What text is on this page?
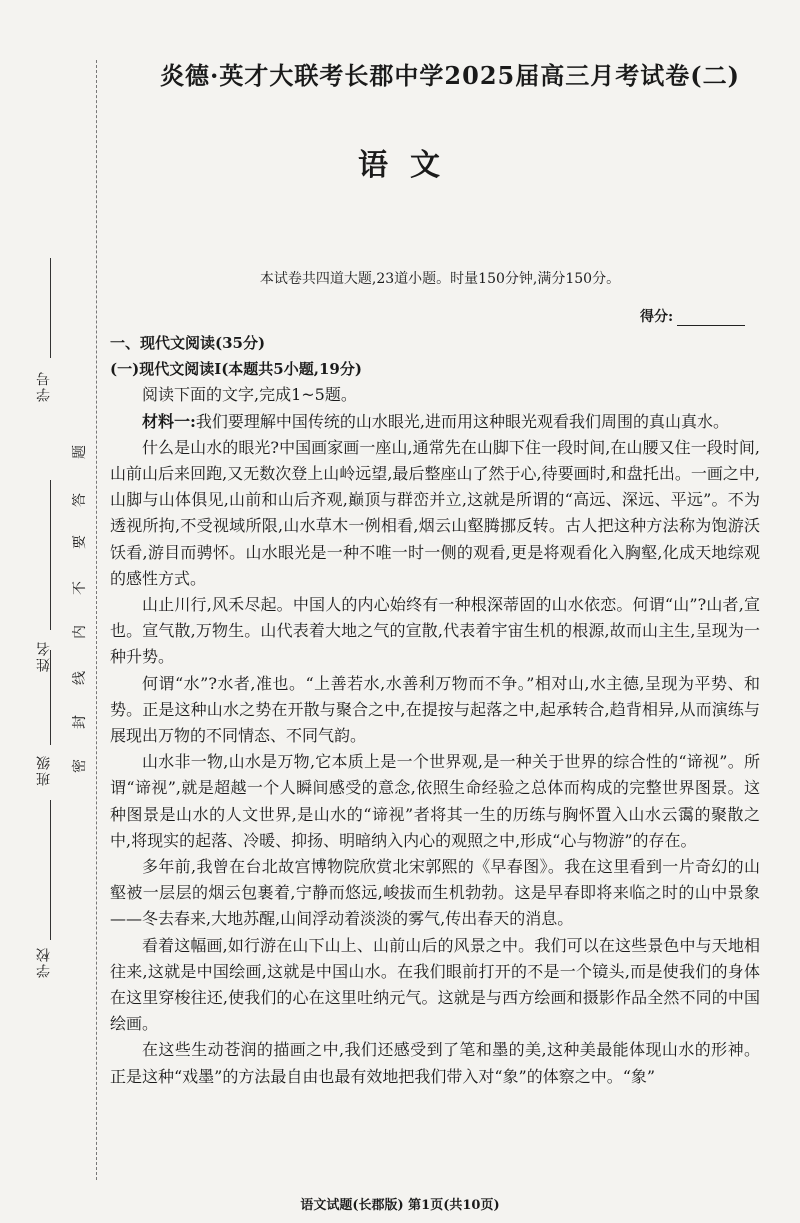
学号
姓名
班级
学校
题
答
要
不
内
线
封
密
炎德·英才大联考长郡中学2025届高三月考试卷(二)
语文
本试卷共四道大题,23道小题。时量150分钟,满分150分。
得分:
一、现代文阅读(35分)
(一)现代文阅读Ⅰ(本题共5小题,19分)

阅读下面的文字,完成1~5题。

材料一:我们要理解中国传统的山水眼光,进而用这种眼光观看我们周围的真山真水。

什么是山水的眼光?中国画家画一座山,通常先在山脚下住一段时间,在山腰又住一段时间,山前山后来回跑,又无数次登上山岭远望,最后整座山了然于心,待要画时,和盘托出。一画之中,山脚与山体俱见,山前和山后齐观,巅顶与群峦并立,这就是所谓的“高远、深远、平远”。不为透视所拘,不受视域所限,山水草木一例相看,烟云山壑腾挪反转。古人把这种方法称为饱游沃饫看,游目而骋怀。山水眼光是一种不唯一时一侧的观看,更是将观看化入胸壑,化成天地综观的感性方式。

山止川行,风禾尽起。中国人的内心始终有一种根深蒂固的山水依恋。何谓“山”?山者,宣也。宣气散,万物生。山代表着大地之气的宣散,代表着宇宙生机的根源,故而山主生,呈现为一种升势。

何谓“水”?水者,准也。“上善若水,水善利万物而不争。”相对山,水主德,呈现为平势、和势。正是这种山水之势在开散与聚合之中,在提按与起落之中,起承转合,趋背相异,从而演练与展现出万物的不同情态、不同气韵。

山水非一物,山水是万物,它本质上是一个世界观,是一种关于世界的综合性的“谛视”。所谓“谛视”,就是超越一个人瞬间感受的意念,依照生命经验之总体而构成的完整世界图景。这种图景是山水的人文世界,是山水的“谛视”者将其一生的历练与胸怀置入山水云霭的聚散之中,将现实的起落、冷暖、抑扬、明暗纳入内心的观照之中,形成“心与物游”的存在。

多年前,我曾在台北故宫博物院欣赏北宋郭熙的《早春图》。我在这里看到一片奇幻的山壑被一层层的烟云包裹着,宁静而悠远,峻拔而生机勃勃。这是早春即将来临之时的山中景象——冬去春来,大地苏醒,山间浮动着淡淡的雾气,传出春天的消息。

看着这幅画,如行游在山下山上、山前山后的风景之中。我们可以在这些景色中与天地相往来,这就是中国绘画,这就是中国山水。在我们眼前打开的不是一个镜头,而是使我们的身体在这里穿梭往还,使我们的心在这里吐纳元气。这就是与西方绘画和摄影作品全然不同的中国绘画。

在这些生动苍润的描画之中,我们还感受到了笔和墨的美,这种美最能体现山水的形神。正是这种“戏墨”的方法最自由也最有效地把我们带入对“象”的体察之中。“象”

语文试题(长郡版) 第1页(共10页)
